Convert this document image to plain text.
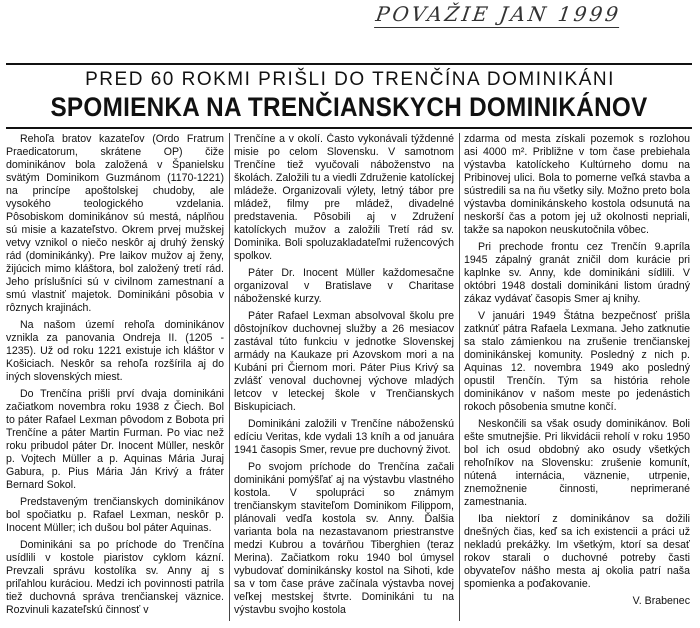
POVAŽIE JAN 1999
PRED 60 ROKMI PRIŠLI DO TRENČÍNA DOMINIKÁNI
SPOMIENKA NA TRENČIANSKYCH DOMINIKÁNOV

Rehoľa bratov kazateľov (Ordo Fratrum Praedicatorum, skrátene OP) čiže dominikánov bola založená v Španielsku svätým Dominikom Guzmánom (1170-1221) na princípe apoštolskej chudoby, ale vysokého teologického vzdelania. Pôsobiskom dominikánov sú mestá, náplňou sú misie a kazateľstvo. Okrem prvej mužskej vetvy vznikol o niečo neskôr aj druhý ženský rád (dominikánky). Pre laikov mužov aj ženy, žijúcich mimo kláštora, bol založený tretí rád. Jeho príslušníci sú v civilnom zamestnaní a smú vlastniť majetok. Dominikáni pôsobia v rôznych krajinách.

Na našom území rehoľa dominikánov vznikla za panovania Ondreja II. (1205 - 1235). Už od roku 1221 existuje ich kláštor v Košiciach. Neskôr sa rehoľa rozšírila aj do iných slovenských miest.

Do Trenčína prišli prví dvaja dominikáni začiatkom novembra roku 1938 z Čiech. Bol to páter Rafael Lexman pôvodom z Bobota pri Trenčíne a páter Martin Furman. Po viac než roku pribudol páter Dr. Inocent Müller, neskôr p. Vojtech Müller a p. Aquinas Mária Juraj Gabura, p. Pius Mária Ján Krivý a fráter Bernard Sokol.

Predstaveným trenčianskych dominikánov bol spočiatku p. Rafael Lexman, neskôr p. Inocent Müller; ich dušou bol páter Aquinas.

Dominikáni sa po príchode do Trenčína usídlili v kostole piaristov cyklom kázní. Prevzali správu kostolíka sv. Anny aj s priľahlou kuráciou. Medzi ich povinnosti patrila tiež duchovná správa trenčianskej väznice. Rozvinuli kazateľskú činnosť v

Trenčíne a v okolí. Často vykonávali týždenné misie po celom Slovensku. V samotnom Trenčíne tiež vyučovali náboženstvo na školách. Založili tu a viedli Združenie katolíckej mládeže. Organizovali výlety, letný tábor pre mládež, filmy pre mládež, divadelné predstavenia. Pôsobili aj v Združení katolíckych mužov a založili Tretí rád sv. Dominika. Boli spoluzakladateľmi ružencových spolkov.

Páter Dr. Inocent Müller každomesačne organizoval v Bratislave v Charitase náboženské kurzy.

Páter Rafael Lexman absolvoval školu pre dôstojníkov duchovnej služby a 26 mesiacov zastával túto funkciu v jednotke Slovenskej armády na Kaukaze pri Azovskom mori a na Kubáni pri Čiernom mori. Páter Pius Krivý sa zvlášť venoval duchovnej výchove mladých letcov v leteckej škole v Trenčianskych Biskupiciach.

Dominikáni založili v Trenčíne náboženskú edíciu Veritas, kde vydali 13 kníh a od januára 1941 časopis Smer, revue pre duchovný život.

Po svojom príchode do Trenčína začali dominikáni pomýšľať aj na výstavbu vlastného kostola. V spolupráci so známym trenčianskym staviteľom Dominikom Filippom, plánovali vedľa kostola sv. Anny. Ďalšia varianta bola na nezastavanom priestranstve medzi Kubrou a továrňou Tiberghien (teraz Merina). Začiatkom roku 1940 bol úmysel vybudovať dominikánsky kostol na Sihoti, kde sa v tom čase práve začínala výstavba novej veľkej mestskej štvrte. Dominikáni tu na výstavbu svojho kostola

zdarma od mesta získali pozemok s rozlohou asi 4000 m². Približne v tom čase prebiehala výstavba katolíckeho Kultúrneho domu na Pribinovej ulici. Bola to pomerne veľká stavba a sústredili sa na ňu všetky sily. Možno preto bola výstavba dominikánskeho kostola odsunutá na neskorší čas a potom jej už okolnosti nepriali, takže sa napokon neuskutočnila vôbec.

Pri prechode frontu cez Trenčín 9.apríla 1945 zápalný granát zničil dom kurácie pri kaplnke sv. Anny, kde dominikáni sídlili. V októbri 1948 dostali dominikáni listom úradný zákaz vydávať časopis Smer aj knihy.

V januári 1949 Štátna bezpečnosť prišla zatknúť pátra Rafaela Lexmana. Jeho zatknutie sa stalo zámienkou na zrušenie trenčianskej dominikánskej komunity. Posledný z nich p. Aquinas 12. novembra 1949 ako posledný opustil Trenčín. Tým sa história rehole dominikánov v našom meste po jedenástich rokoch pôsobenia smutne končí.

Neskončili sa však osudy dominikánov. Boli ešte smutnejšie. Pri likvidácii reholí v roku 1950 bol ich osud obdobný ako osudy všetkých rehoľníkov na Slovensku: zrušenie komunít, nútená internácia, väznenie, utrpenie, znemožnenie činnosti, neprimerané zamestnania.

Iba niektorí z dominikánov sa dožili dnešných čias, keď sa ich existencii a práci už nekladú prekážky. Im všetkým, ktorí sa desať rokov starali o duchovné potreby časti obyvateľov nášho mesta aj okolia patrí naša spomienka a poďakovanie.

V. Brabenec
